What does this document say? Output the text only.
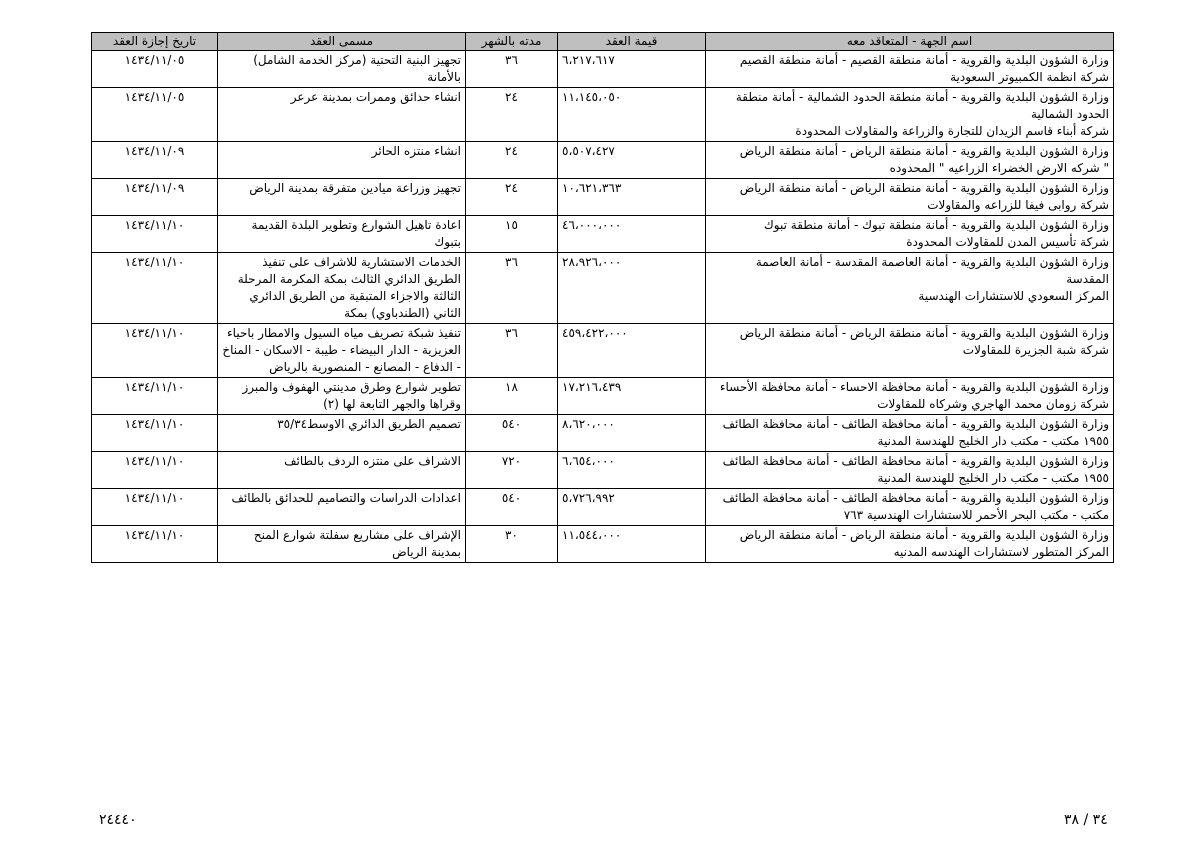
اسم الجهة - المتعاقد معه	قيمة العقد	مدته بالشهر	مسمى العقد	تاريخ إجازة العقد

وزارة الشؤون البلدية والقروية - أمانة منطقة القصيم - أمانة منطقة القصيم
شركة انظمة الكمبيوتر السعودية	٦،٢١٧،٦١٧	٣٦	تجهيز البنية التحتية (مركز الخدمة الشامل) بالأمانة	١٤٣٤/١١/٠٥

وزارة الشؤون البلدية والقروية - أمانة منطقة الحدود الشمالية - أمانة منطقة الحدود الشمالية
شركة أبناء قاسم الزيدان للتجارة والزراعة والمقاولات المحدودة	١١،١٤٥،٠٥٠	٢٤	انشاء حدائق وممرات بمدينة عرعر	١٤٣٤/١١/٠٥

وزارة الشؤون البلدية والقروية - أمانة منطقة الرياض - أمانة منطقة الرياض
" شركه الارض الخضراء الزراعيه " المحدوده	٥،٥٠٧،٤٢٧	٢٤	انشاء منتزه الحائر	١٤٣٤/١١/٠٩

وزارة الشؤون البلدية والقروية - أمانة منطقة الرياض - أمانة منطقة الرياض
شركة روابى فيفا للزراعه والمقاولات	١٠،٦٢١،٣٦٣	٢٤	تجهيز وزراعة ميادين متفرقة بمدينة الرياض	١٤٣٤/١١/٠٩

وزارة الشؤون البلدية والقروية - أمانة منطقة تبوك - أمانة منطقة تبوك
شركة تأسيس المدن للمقاولات المحدودة	٤٦،٠٠٠،٠٠٠	١٥	اعادة تاهيل الشوارع وتطوير البلدة القديمة بتبوك	١٤٣٤/١١/١٠

وزارة الشؤون البلدية والقروية - أمانة العاصمة المقدسة - أمانة العاصمة المقدسة
المركز السعودي للاستشارات الهندسية	٢٨،٩٢٦،٠٠٠	٣٦	الخدمات الاستشارية للاشراف على تنفيذ الطريق الدائري الثالث بمكة المكرمة المرحلة الثالثة والاجزاء المتبقية من الطريق الدائري الثاني (الطندباوي) بمكة	١٤٣٤/١١/١٠

وزارة الشؤون البلدية والقروية - أمانة منطقة الرياض - أمانة منطقة الرياض
شركة شبة الجزيرة للمقاولات	٤٥٩،٤٢٢،٠٠٠	٣٦	تنفيذ شبكة تصريف مياه السيول والامطار باحياء العزيزية - الدار البيضاء - طيبة - الاسكان - المناخ - الدفاع - المصانع - المنصورية بالرياض	١٤٣٤/١١/١٠

وزارة الشؤون البلدية والقروية - أمانة محافظة الاحساء - أمانة محافظة الأحساء
شركة زومان محمد الهاجري وشركاه للمقاولات	١٧،٢١٦،٤٣٩	١٨	تطوير شوارع وطرق مدينتي الهفوف والمبرز وقراها والجهر التابعة لها (٢)	١٤٣٤/١١/١٠

وزارة الشؤون البلدية والقروية - أمانة محافظة الطائف - أمانة محافظة الطائف
١٩٥٥ مكتب - مكتب دار الخليج للهندسة المدنية	٨،٦٢٠،٠٠٠	٥٤٠	تصميم الطريق الدائري الاوسط٣٥/٣٤	١٤٣٤/١١/١٠

وزارة الشؤون البلدية والقروية - أمانة محافظة الطائف - أمانة محافظة الطائف
١٩٥٥ مكتب - مكتب دار الخليج للهندسة المدنية	٦،٦٥٤،٠٠٠	٧٢٠	الاشراف على منتزه الردف بالطائف	١٤٣٤/١١/١٠

وزارة الشؤون البلدية والقروية - أمانة محافظة الطائف - أمانة محافظة الطائف
مكتب - مكتب البحر الأحمر للاستشارات الهندسية ٧٦٣	٥،٧٢٦،٩٩٢	٥٤٠	اعدادات الدراسات والتصاميم للحدائق بالطائف	١٤٣٤/١١/١٠

وزارة الشؤون البلدية والقروية - أمانة منطقة الرياض - أمانة منطقة الرياض
المركز المتطور لاستشارات الهندسه المدنيه	١١،٥٤٤،٠٠٠	٣٠	الإشراف على مشاريع سفلتة شوارع المنح بمدينة الرياض	١٤٣٤/١١/١٠
٢٤٤٤٠	٣٤ / ٣٨
